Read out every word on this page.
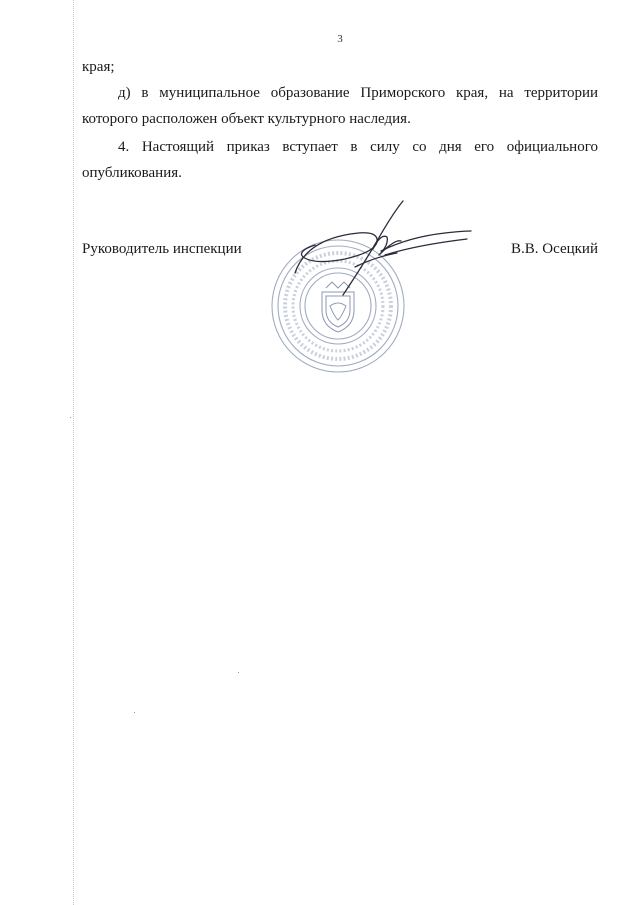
3
края;
д) в муниципальное образование Приморского края, на территории
которого расположен объект культурного наследия.
4. Настоящий приказ вступает в силу со дня его официального
опубликования.
Руководитель инспекции	В.В. Осецкий
